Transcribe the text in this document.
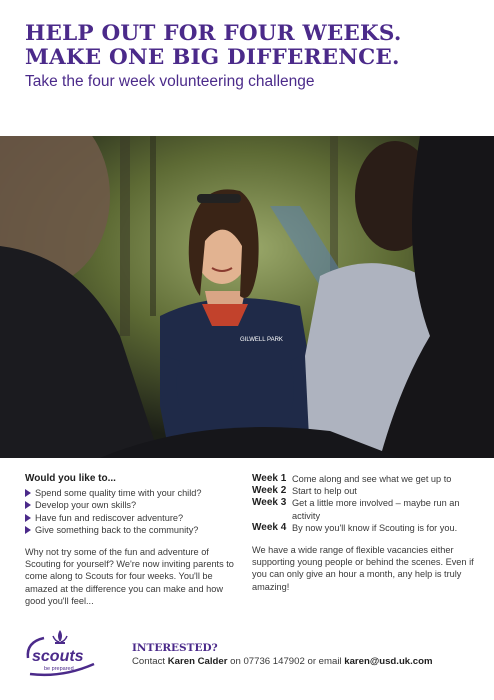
HELP OUT FOR FOUR WEEKS.

MAKE ONE BIG DIFFERENCE.

Take the four week volunteering challenge
GILWELL PARK
Would you like to...
Spend some quality time with your child?
Develop your own skills?
Have fun and rediscover adventure?
Give something back to the community?
Why not try some of the fun and adventure of Scouting for yourself? We're now inviting parents to come along to Scouts for four weeks. You'll be amazed at the difference you can make and how good you'll feel...
Week 1 Come along and see what we get up to
Week 2 Start to help out
Week 3 Get a little more involved – maybe run an activity
Week 4 By now you'll know if Scouting is for you.
We have a wide range of flexible vacancies either supporting young people or behind the scenes. Even if you can only give an hour a month, any help is truly amazing!
scouts
be prepared . . .
INTERESTED?
Contact Karen Calder on 07736 147902 or email karen@usd.uk.com
